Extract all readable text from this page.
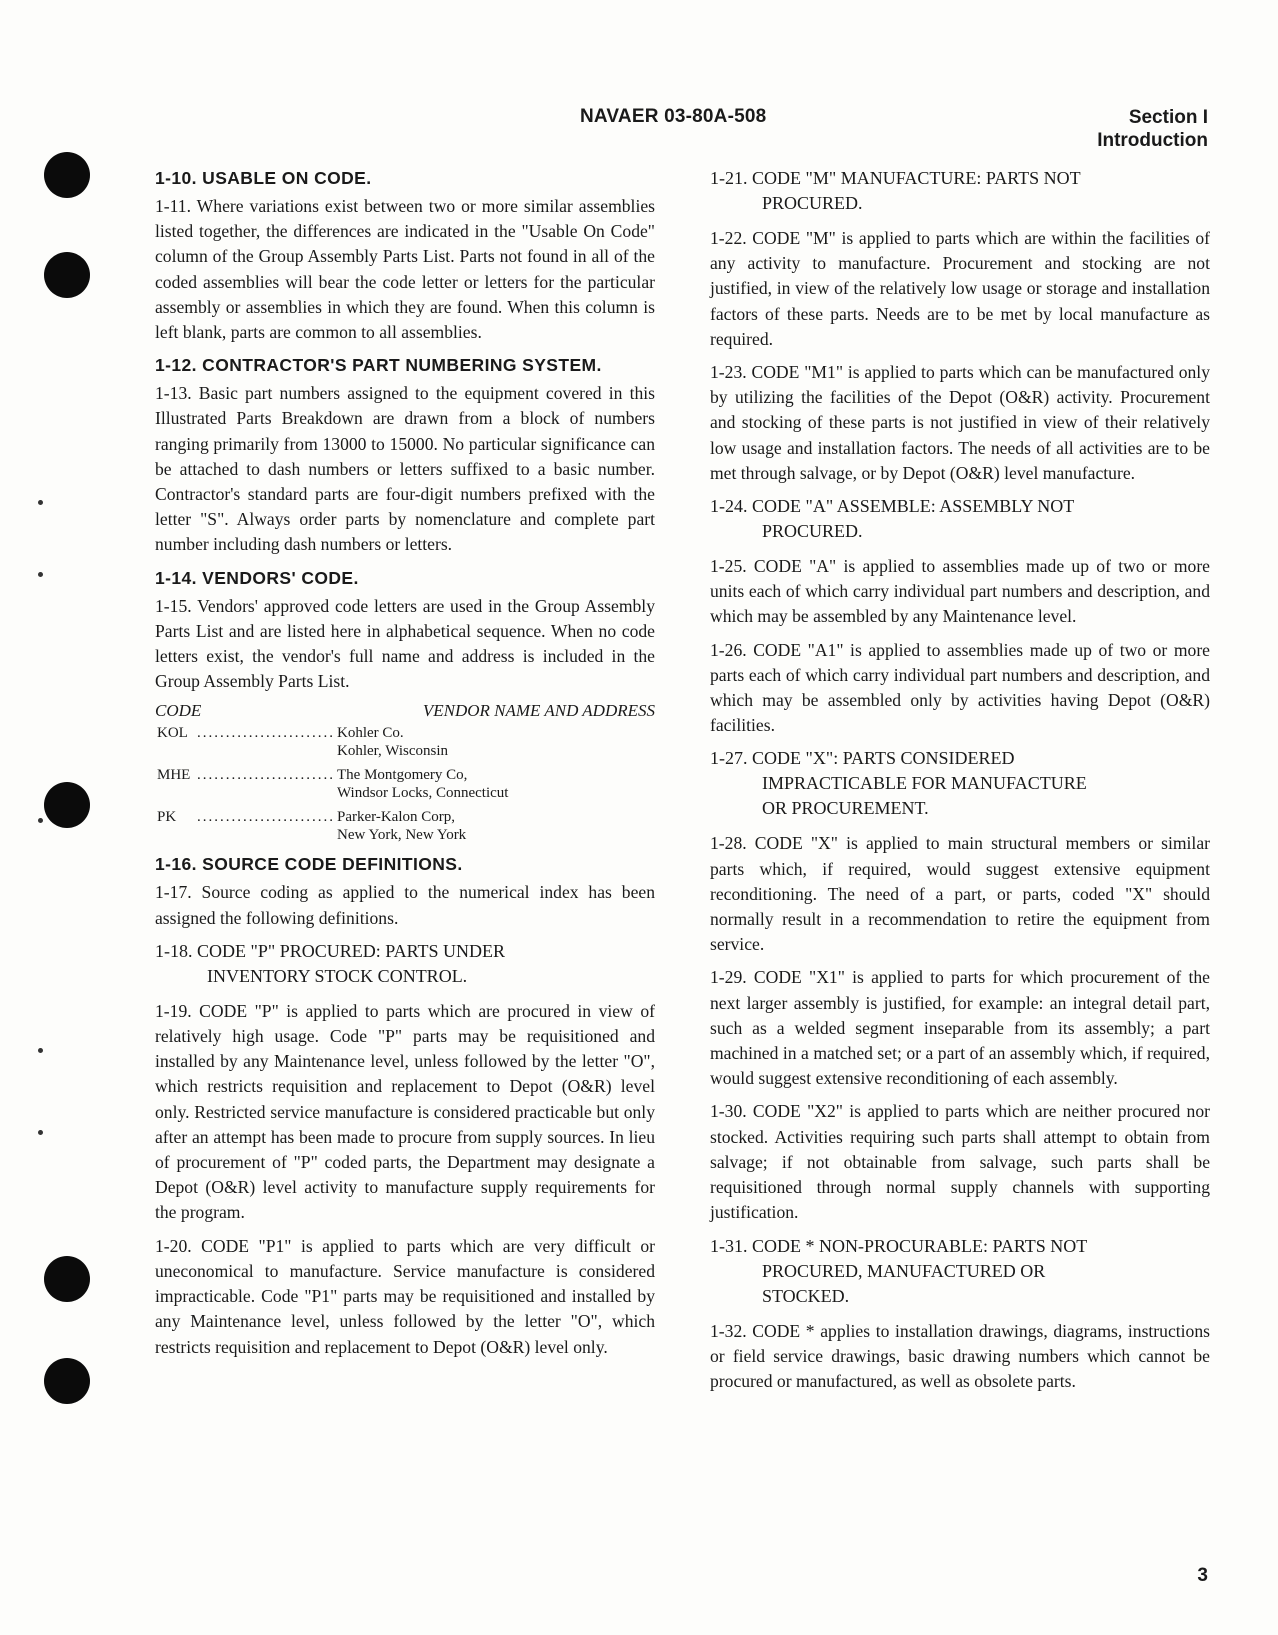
NAVAER 03-80A-508	Section I
Introduction
1-10. USABLE ON CODE.
1-11. Where variations exist between two or more similar assemblies listed together, the differences are indicated in the "Usable On Code" column of the Group Assembly Parts List. Parts not found in all of the coded assemblies will bear the code letter or letters for the particular assembly or assemblies in which they are found. When this column is left blank, parts are common to all assemblies.
1-12. CONTRACTOR'S PART NUMBERING SYSTEM.
1-13. Basic part numbers assigned to the equipment covered in this Illustrated Parts Breakdown are drawn from a block of numbers ranging primarily from 13000 to 15000. No particular significance can be attached to dash numbers or letters suffixed to a basic number. Contractor's standard parts are four-digit numbers prefixed with the letter "S". Always order parts by nomenclature and complete part number including dash numbers or letters.
1-14. VENDORS' CODE.
1-15. Vendors' approved code letters are used in the Group Assembly Parts List and are listed here in alphabetical sequence. When no code letters exist, the vendor's full name and address is included in the Group Assembly Parts List.
CODE	VENDOR NAME AND ADDRESS
KOL ........................ Kohler Co.
Kohler, Wisconsin
MHE ........................ The Montgomery Co,
Windsor Locks, Connecticut
PK	........................ Parker-Kalon Corp,
New York, New York
1-16. SOURCE CODE DEFINITIONS.
1-17. Source coding as applied to the numerical index has been assigned the following definitions.
1-18. CODE "P" PROCURED: PARTS UNDER
INVENTORY STOCK CONTROL.
1-19. CODE "P" is applied to parts which are procured in view of relatively high usage. Code "P" parts may be requisitioned and installed by any Maintenance level, unless followed by the letter "O", which restricts requisition and replacement to Depot (O&R) level only. Restricted service manufacture is considered practicable but only after an attempt has been made to procure from supply sources. In lieu of procurement of "P" coded parts, the Department may designate a Depot (O&R) level activity to manufacture supply requirements for the program.
1-20. CODE "P1" is applied to parts which are very difficult or uneconomical to manufacture. Service manufacture is considered impracticable. Code "P1" parts may be requisitioned and installed by any Maintenance level, unless followed by the letter "O", which restricts requisition and replacement to Depot (O&R) level only.
1-21. CODE "M" MANUFACTURE: PARTS NOT
PROCURED.
1-22. CODE "M" is applied to parts which are within the facilities of any activity to manufacture. Procurement and stocking are not justified, in view of the relatively low usage or storage and installation factors of these parts. Needs are to be met by local manufacture as required.
1-23. CODE "M1" is applied to parts which can be manufactured only by utilizing the facilities of the Depot (O&R) activity. Procurement and stocking of these parts is not justified in view of their relatively low usage and installation factors. The needs of all activities are to be met through salvage, or by Depot (O&R) level manufacture.
1-24. CODE "A" ASSEMBLE: ASSEMBLY NOT
PROCURED.
1-25. CODE "A" is applied to assemblies made up of two or more units each of which carry individual part numbers and description, and which may be assembled by any Maintenance level.
1-26. CODE "A1" is applied to assemblies made up of two or more parts each of which carry individual part numbers and description, and which may be assembled only by activities having Depot (O&R) facilities.
1-27. CODE "X": PARTS CONSIDERED
IMPRACTICABLE FOR MANUFACTURE
OR PROCUREMENT.
1-28. CODE "X" is applied to main structural members or similar parts which, if required, would suggest extensive equipment reconditioning. The need of a part, or parts, coded "X" should normally result in a recommendation to retire the equipment from service.
1-29. CODE "X1" is applied to parts for which procurement of the next larger assembly is justified, for example: an integral detail part, such as a welded segment inseparable from its assembly; a part machined in a matched set; or a part of an assembly which, if required, would suggest extensive reconditioning of each assembly.
1-30. CODE "X2" is applied to parts which are neither procured nor stocked. Activities requiring such parts shall attempt to obtain from salvage; if not obtainable from salvage, such parts shall be requisitioned through normal supply channels with supporting justification.
1-31. CODE * NON-PROCURABLE: PARTS NOT
PROCURED, MANUFACTURED OR
STOCKED.
1-32. CODE * applies to installation drawings, diagrams, instructions or field service drawings, basic drawing numbers which cannot be procured or manufactured, as well as obsolete parts.
3
